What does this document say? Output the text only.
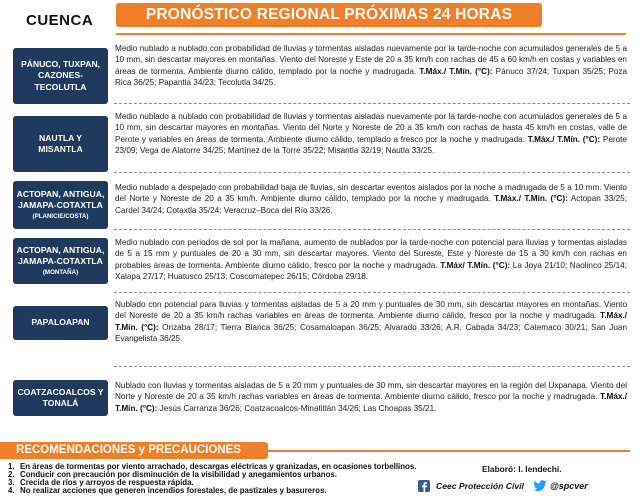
CUENCA	PRONÓSTICO REGIONAL PRÓXIMAS 24 HORAS
PÁNUCO, TUXPAN, CAZONES-TECOLUTLA
Medio nublado a nublado con probabilidad de lluvias y tormentas aisladas nuevamente por la tarde-noche con acumulados generales de 5 a 10 mm, sin descartar mayores en montañas. Viento del Noreste y Este de 20 a 35 km/h con rachas de 45 a 60 km/h en costas y variables en áreas de tormenta. Ambiente diurno cálido, templado por la noche y madrugada. T.Máx./ T.Mín. (°C): Pánuco 37/24; Tuxpan 35/25; Poza Rica 36/25; Papantla 34/23; Tecolutla 34/25.
NAUTLA Y MISANTLA
Medio nublado a nublado con probabilidad de lluvias y tormentas aisladas nuevamente por la tarde-noche con acumulados generales de 5 a 10 mm, sin descartar mayores en montañas. Viento del Norte y Noreste de 20 a 35 km/h con rachas de hasta 45 km/h en costas, valle de Perote y variables en áreas de tormenta. Ambiente diurno cálido, templado a fresco por la noche y madrugada. T.Máx./ T.Mín. (°C): Perote 23/09; Vega de Alatorre 34/25; Martínez de la Torre 35/22; Misantla 32/19; Nautla 33/25.
ACTOPAN, ANTIGUA, JAMAPA-COTAXTLA
(PLANICIE/COSTA)
Medio nublado a despejado con probabilidad baja de lluvias, sin descartar eventos aislados por la noche a madrugada de 5 a 10 mm. Viento del Norte y Noreste de 20 a 35 km/h. Ambiente diurno cálido, templado por la noche y madrugada. T.Máx./ T.Mín. (°C): Actopan 33/25; Cardel 34/24; Cotaxtla 35/24; Veracruz–Boca del Río 33/26.
ACTOPAN, ANTIGUA, JAMAPA-COTAXTLA
(MONTAÑA)
Medio nublado con periodos de sol por la mañana, aumento de nublados por la tarde-noche con potencial para lluvias y tormentas aisladas de 5 a 15 mm y puntuales de 20 a 30 mm, sin descartar mayores. Viento del Sureste, Este y Noreste de 15 a 30 km/h con rachas en probables áreas de tormenta. Ambiente diurno cálido, fresco por la noche y madrugada. T.Máx/ T.Mín. (°C): La Joya 21/10; Naolinco 25/14; Xalapa 27/17; Huatusco 25/13; Coscomatepec 26/15; Córdoba 29/18.
PAPALOAPAN
Nublado con potencial para lluvias y tormentas aisladas de 5 a 20 mm y puntuales de 30 mm, sin descartar mayores en montañas. Viento del Noreste de 20 a 35 km/h rachas variables en áreas de tormenta. Ambiente diurno cálido, fresco por la noche y madrugada. T.Máx./ T.Mín. (°C): Orizaba 28/17; Tierra Blanca 36/25; Cosamaloapan 36/25; Alvarado 33/26; A.R. Cabada 34/23; Catemaco 30/21; San Juan Evangelista 36/25.
COATZACOALCOS Y TONALÁ
Nublado con lluvias y tormentas aisladas de 5 a 20 mm y puntuales de 30 mm, sin descartar mayores en la región del Uxpanapa. Viento del Norte y Noreste de 20 a 35 km/h rachas variables en áreas de tormenta. Ambiente diurno cálido, fresco por la noche y madrugada. T.Máx./ T.Mín. (°C): Jesús Carranza 36/26; Coatzacoalcos-Minatitlán 34/26; Las Choapas 35/21.
RECOMENDACIONES y PRECAUCIONES
1. En áreas de tormentas por viento arrachado, descargas eléctricas y granizadas, en ocasiones torbellinos.
2. Conducir con precaución por disminución de la visibilidad y anegamientos urbanos.
3. Crecida de ríos y arroyos de respuesta rápida.
4. No realizar acciones que generen incendios forestales, de pastizales y basureros.
Elaboró: I. Iendechi.
Ceec Protección Civil	@spcver
